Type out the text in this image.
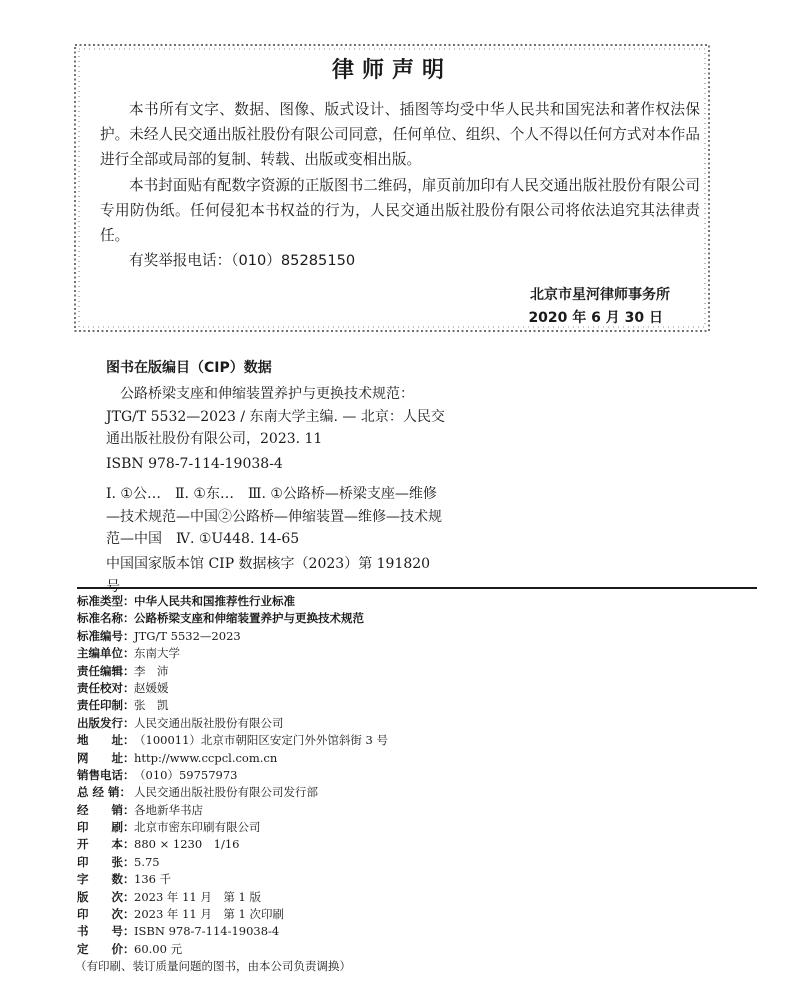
律师声明

本书所有文字、数据、图像、版式设计、插图等均受中华人民共和国宪法和著作权法保护。未经人民交通出版社股份有限公司同意，任何单位、组织、个人不得以任何方式对本作品进行全部或局部的复制、转载、出版或变相出版。

本书封面贴有配数字资源的正版图书二维码，扉页前加印有人民交通出版社股份有限公司专用防伪纸。任何侵犯本书权益的行为，人民交通出版社股份有限公司将依法追究其法律责任。

有奖举报电话：（010）85285150

北京市星河律师事务所
2020 年 6 月 30 日
图书在版编目（CIP）数据

公路桥梁支座和伸缩装置养护与更换技术规范：JTG/T 5532—2023 / 东南大学主编. — 北京：人民交通出版社股份有限公司，2023. 11

ISBN 978-7-114-19038-4

Ⅰ. ①公…　Ⅱ. ①东…　Ⅲ. ①公路桥—桥梁支座—维修—技术规范—中国②公路桥—伸缩装置—维修—技术规范—中国　Ⅳ. ①U448. 14-65

中国国家版本馆 CIP 数据核字（2023）第 191820

标准类型：中华人民共和国推荐性行业标准
标准名称：公路桥梁支座和伸缩装置养护与更换技术规范
标准编号：JTG/T 5532—2023
主编单位：东南大学
责任编辑：李　沛
责任校对：赵媛媛
责任印制：张　凯
出版发行：人民交通出版社股份有限公司
地　　址：（100011）北京市朝阳区安定门外外馆斜街 3 号
网　　址：http://www.ccpcl.com.cn
销售电话：（010）59757973
总 经 销： 人民交通出版社股份有限公司发行部
经　　销：各地新华书店
印　　刷：北京市密东印刷有限公司
开　　本：880 × 1230　1/16
印　　张：5.75
字　　数：136 千
版　　次：2023 年 11 月　第 1 版
印　　次：2023 年 11 月　第 1 次印刷
书　　号：ISBN 978-7-114-19038-4
定　　价：60.00 元
（有印刷、装订质量问题的图书，由本公司负责调换）
